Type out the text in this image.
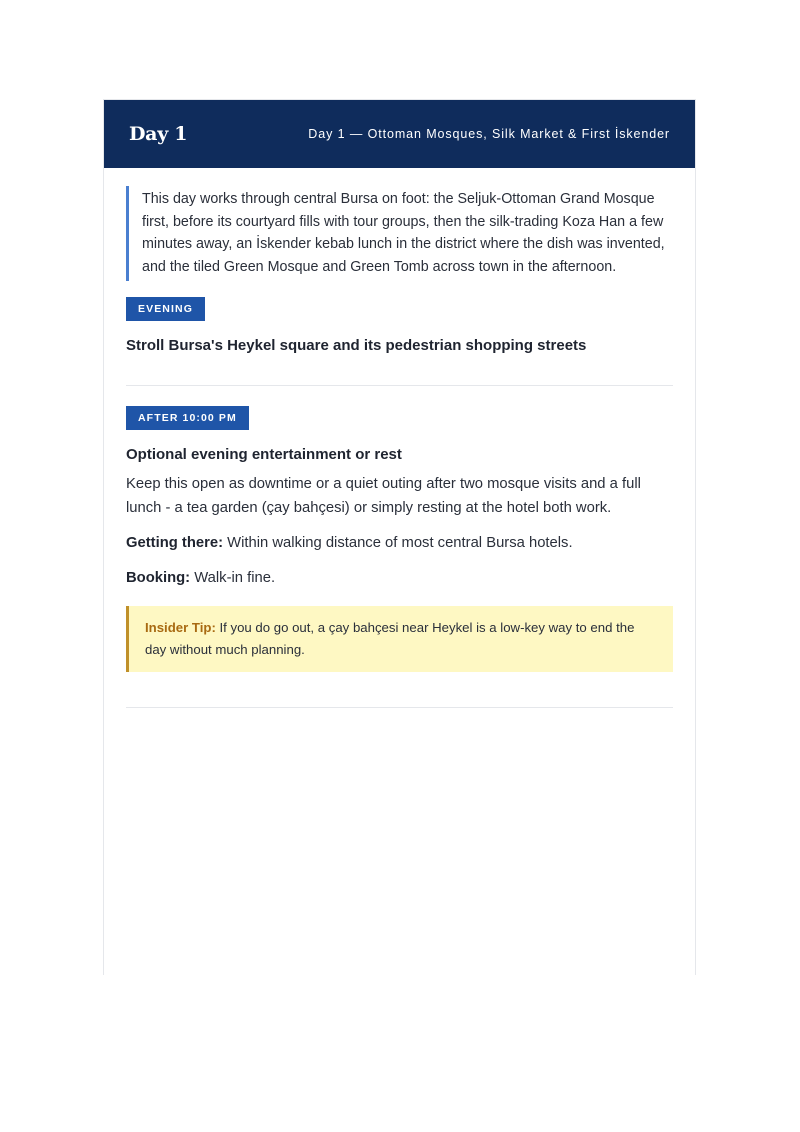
Day 1	Day 1 — Ottoman Mosques, Silk Market & First İskender
This day works through central Bursa on foot: the Seljuk-Ottoman Grand Mosque first, before its courtyard fills with tour groups, then the silk-trading Koza Han a few minutes away, an İskender kebab lunch in the district where the dish was invented, and the tiled Green Mosque and Green Tomb across town in the afternoon.
EVENING
Stroll Bursa's Heykel square and its pedestrian shopping streets
AFTER 10:00 PM
Optional evening entertainment or rest
Keep this open as downtime or a quiet outing after two mosque visits and a full lunch - a tea garden (çay bahçesi) or simply resting at the hotel both work.
Getting there: Within walking distance of most central Bursa hotels.
Booking: Walk-in fine.
Insider Tip: If you do go out, a çay bahçesi near Heykel is a low-key way to end the day without much planning.
